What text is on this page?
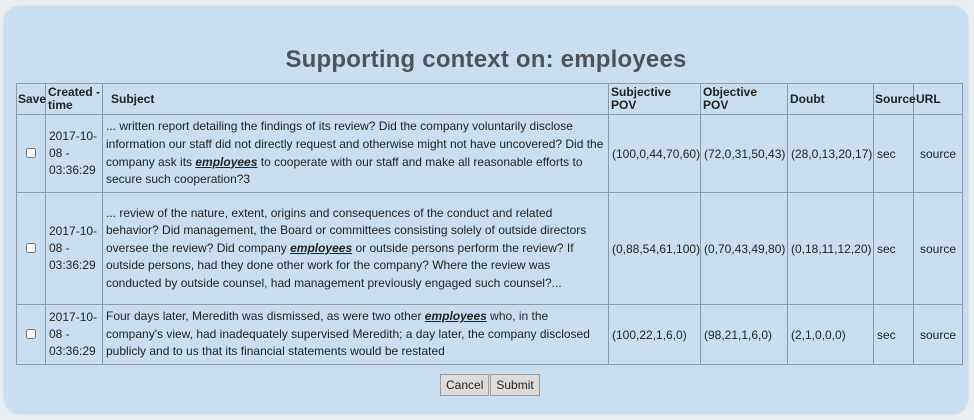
Supporting context on: employees
Save	Created - time	Subject	Subjective POV	Objective POV	Doubt	Source	URL
	2017-10-08 - 03:36:29	... written report detailing the findings of its review? Did the company voluntarily disclose information our staff did not directly request and otherwise might not have uncovered? Did the company ask its employees to cooperate with our staff and make all reasonable efforts to secure such cooperation?3	(100,0,44,70,60)	(72,0,31,50,43)	(28,0,13,20,17)	sec	source
	2017-10-08 - 03:36:29	... review of the nature, extent, origins and consequences of the conduct and related behavior? Did management, the Board or committees consisting solely of outside directors oversee the review? Did company employees or outside persons perform the review? If outside persons, had they done other work for the company? Where the review was conducted by outside counsel, had management previously engaged such counsel?...	(0,88,54,61,100)	(0,70,43,49,80)	(0,18,11,12,20)	sec	source
	2017-10-08 - 03:36:29	Four days later, Meredith was dismissed, as were two other employees who, in the company's view, had inadequately supervised Meredith; a day later, the company disclosed publicly and to us that its financial statements would be restated	(100,22,1,6,0)	(98,21,1,6,0)	(2,1,0,0,0)	sec	source
Cancel	Submit
